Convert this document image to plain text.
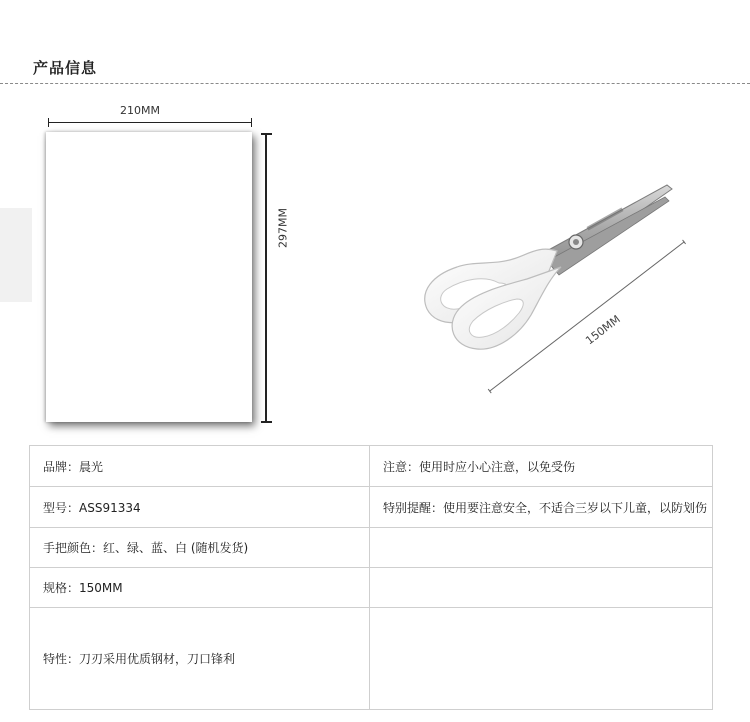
产品信息
210MM
297MM
150MM
品牌：晨光	注意：使用时应小心注意，以免受伤
型号：ASS91334	特别提醒：使用要注意安全，不适合三岁以下儿童，以防划伤
手把颜色：红、绿、蓝、白 (随机发货)	
规格：150MM	
特性：刀刃采用优质钢材，刀口锋利	
